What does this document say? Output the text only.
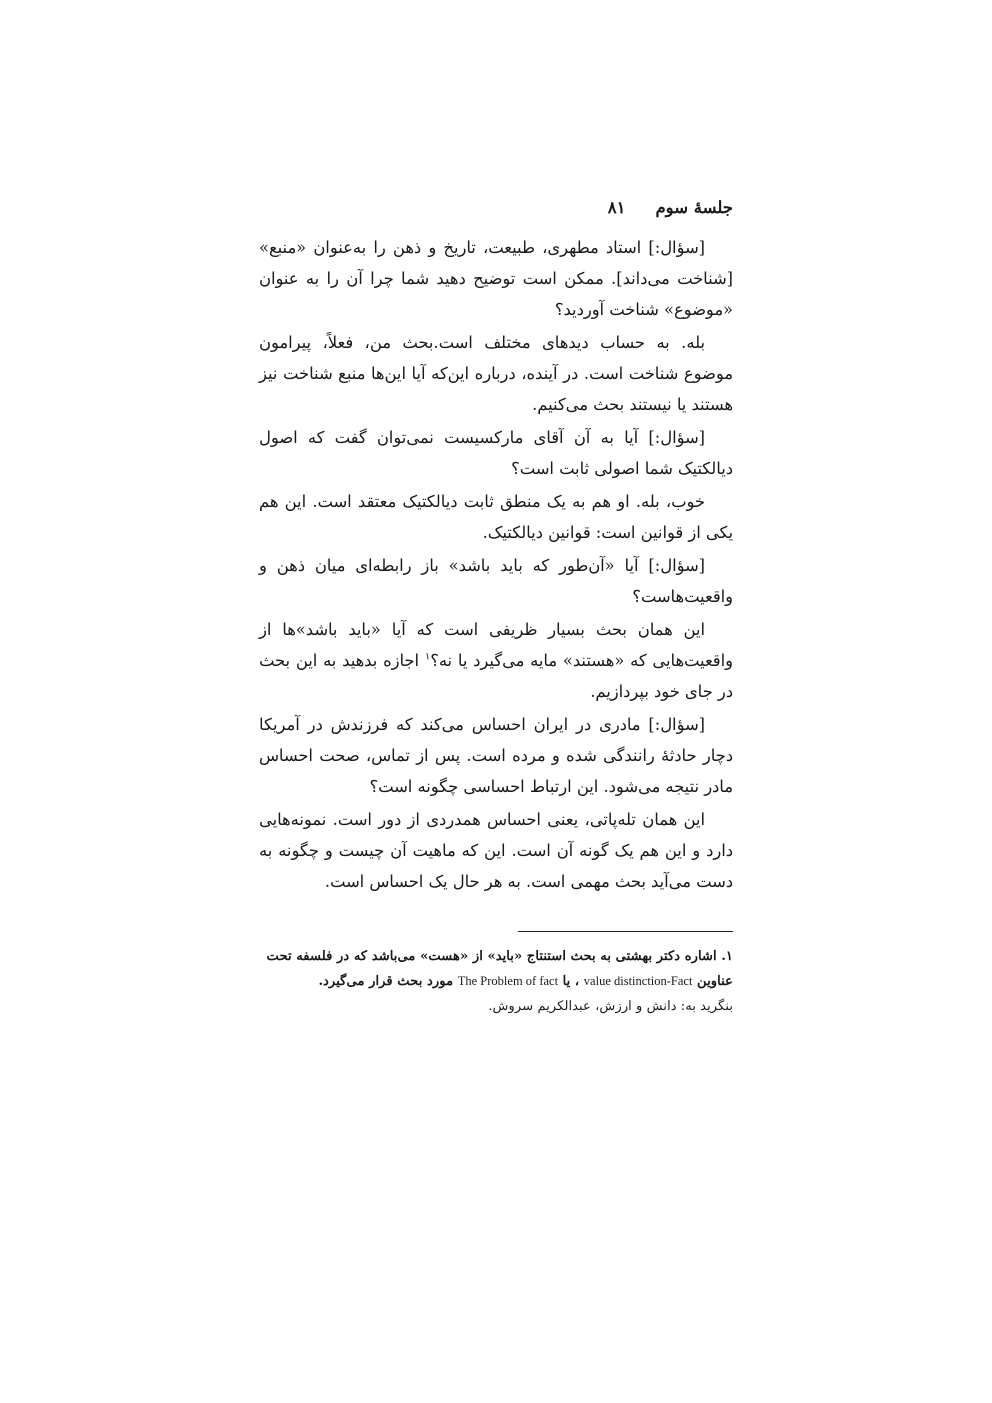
جلسهٔ سوم
۸۱

[سؤال:] استاد مطهری، طبیعت، تاریخ و ذهن را به‌عنوان «منبع» [شناخت می‌داند]. ممکن است توضیح دهید شما چرا آن را به عنوان «موضوع» شناخت آوردید؟

بله. به حساب دیدهای مختلف است.بحث من، فعلاً، پیرامون موضوع شناخت است. در آینده، درباره این‌که آیا این‌ها منبع شناخت نیز هستند یا نیستند بحث می‌کنیم.

[سؤال:] آیا به آن آقای مارکسیست نمی‌توان گفت که اصول دیالکتیک شما اصولی ثابت است؟

خوب، بله. او هم به یک منطق ثابت دیالکتیک معتقد است. این هم یکی از قوانین است: قوانین دیالکتیک.

[سؤال:] آیا «آن‌طور که باید باشد» باز رابطه‌ای میان ذهن و واقعیت‌هاست؟

این همان بحث بسیار ظریفی است که آیا «باید باشد»ها از واقعیت‌هایی که «هستند» مایه می‌گیرد یا نه؟$^۱$ اجازه بدهید به این بحث در جای خود بپردازیم.

[سؤال:] مادری در ایران احساس می‌کند که فرزندش در آمریکا دچار حادثهٔ رانندگی شده و مرده است. پس از تماس، صحت احساس مادر نتیجه می‌شود. این ارتباط احساسی چگونه است؟

این همان تله‌پاتی، یعنی احساس همدردی از دور است. نمونه‌هایی دارد و این هم یک گونه آن است. این که ماهیت آن چیست و چگونه به دست می‌آید بحث مهمی است. به هر حال یک احساس است.

۱. اشاره دکتر بهشتی به بحث استنتاج «باید» از «هست» می‌باشد که در فلسفه تحت

عناوین value distinction-Fact ، یا The Problem of fact مورد بحث قرار می‌گیرد.

بنگرید به: دانش و ارزش، عبدالکریم سروش.
